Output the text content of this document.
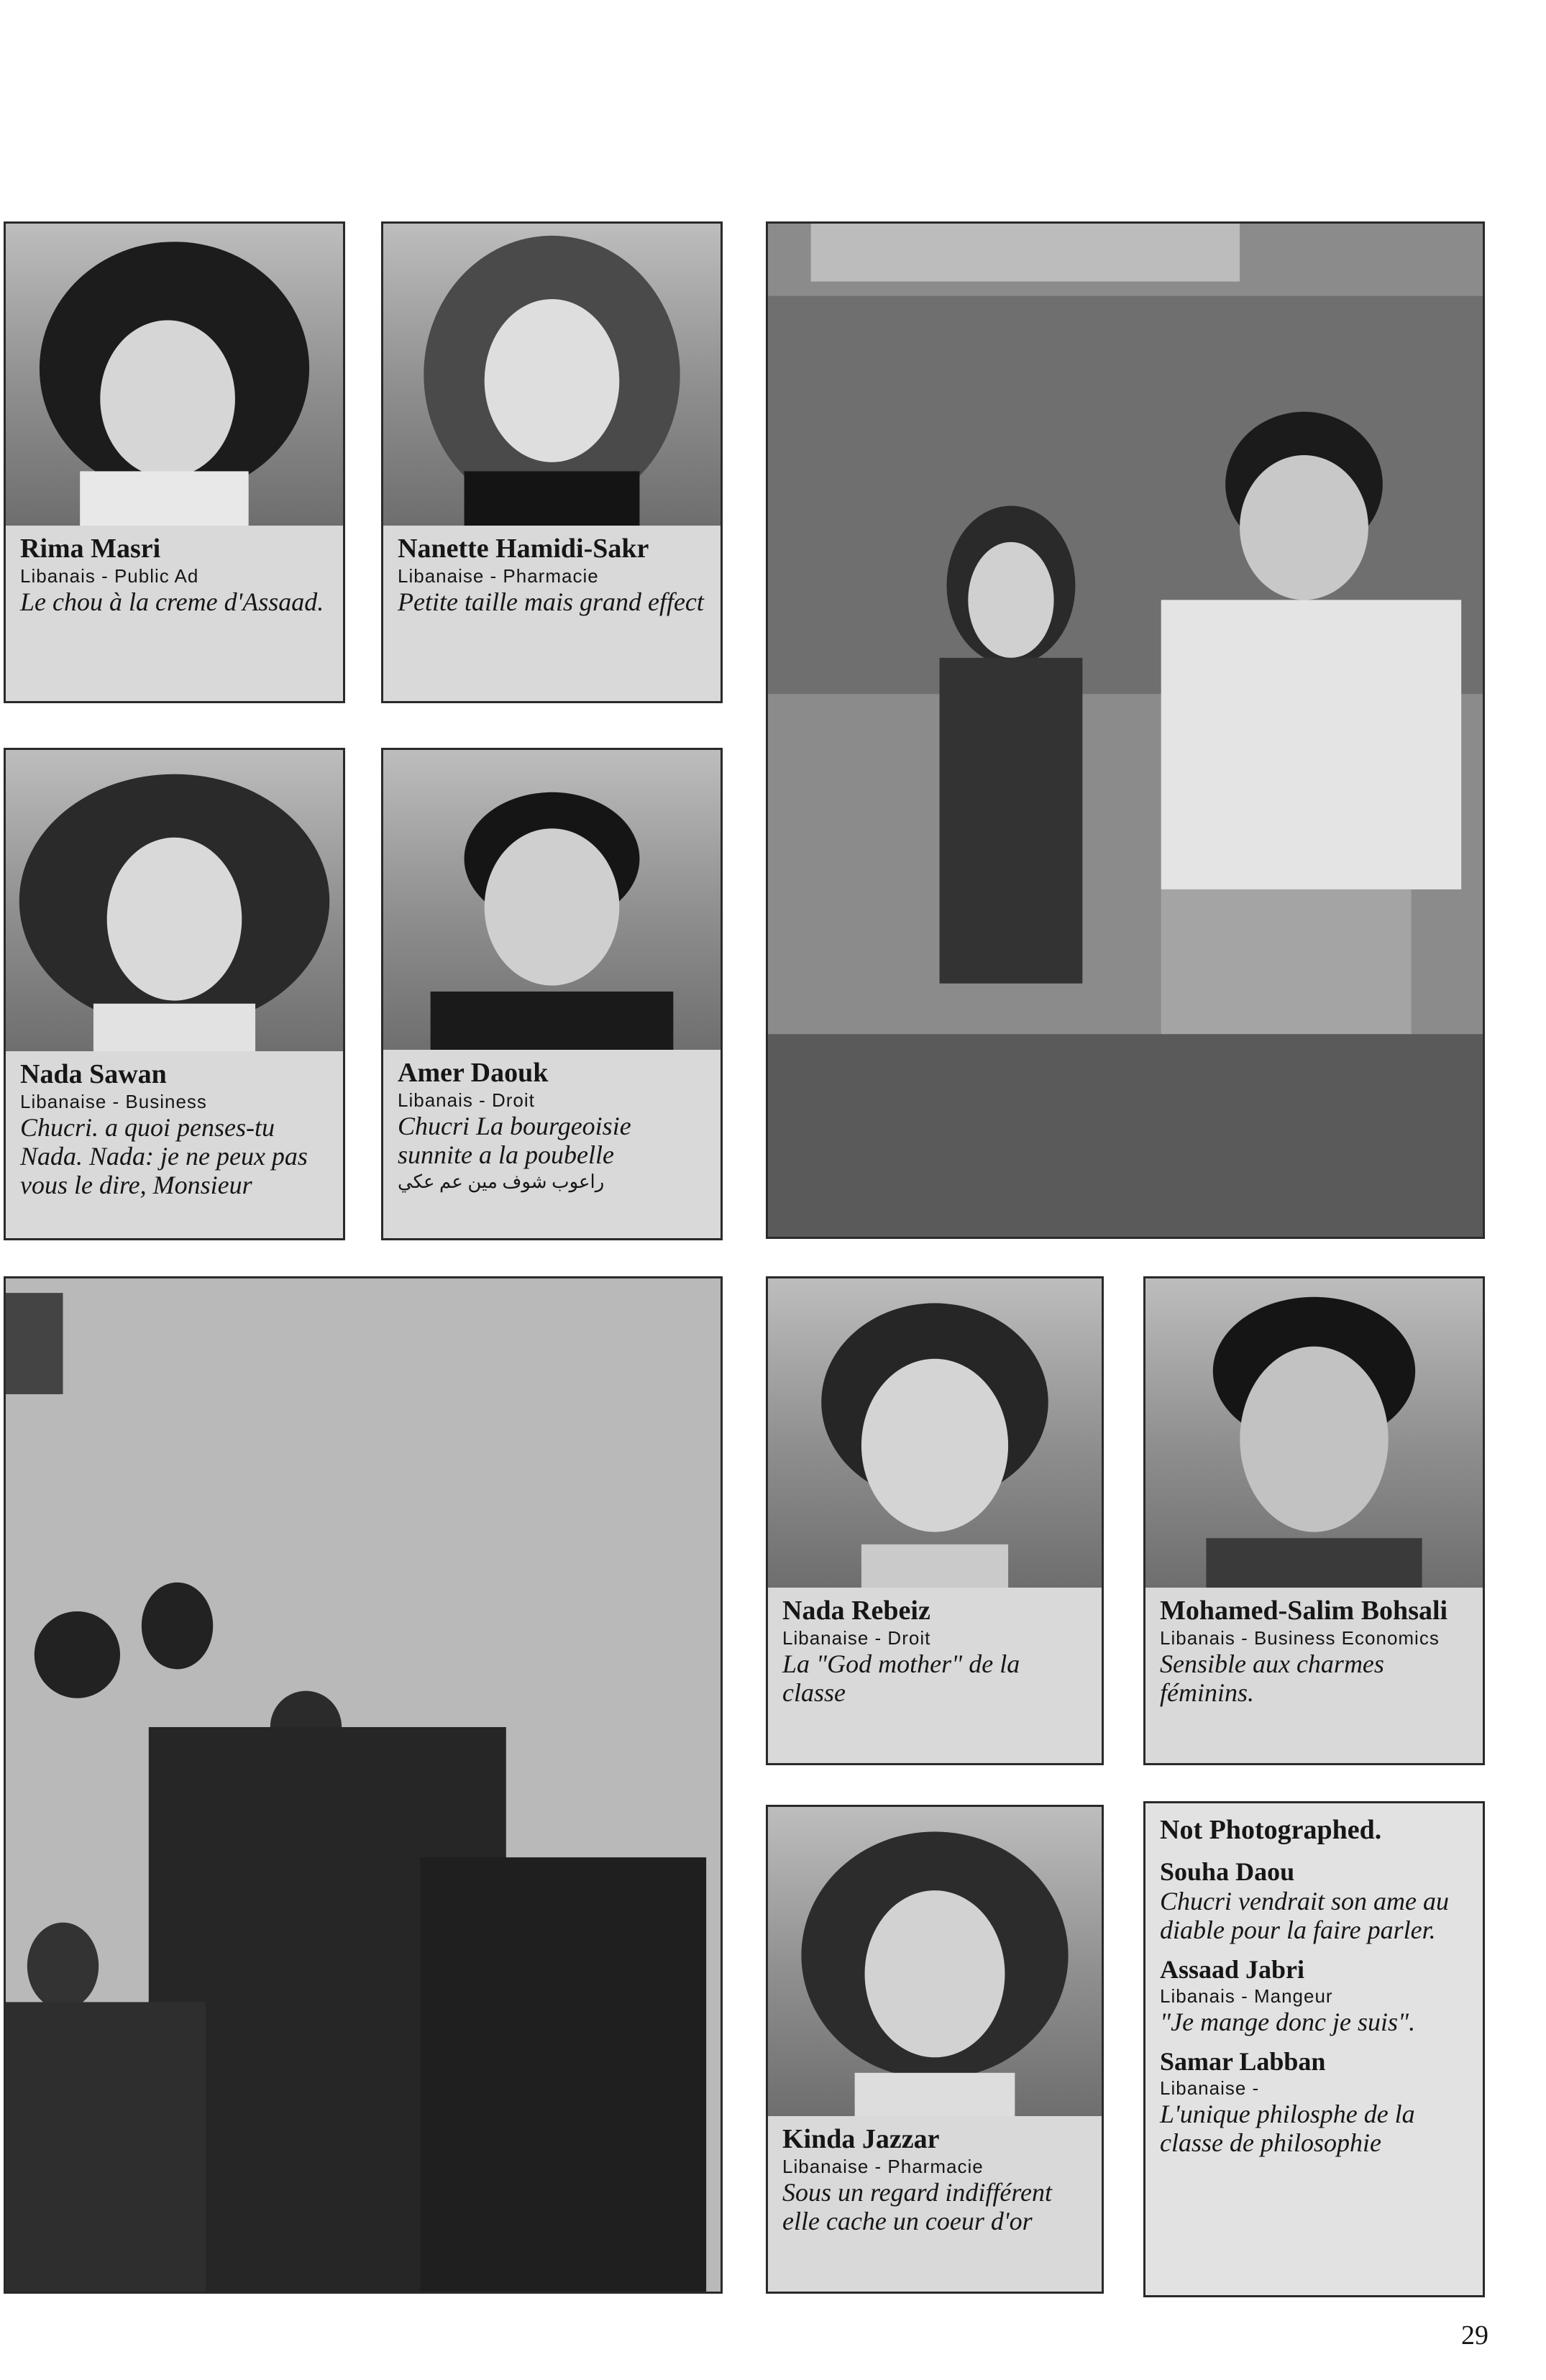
Rima Masri
Libanais - Public Ad
Le chou à la creme d'Assaad.
Nanette Hamidi-Sakr
Libanaise - Pharmacie
Petite taille mais grand effect
Nada Sawan
Libanaise - Business
Chucri. a quoi penses-tu Nada. Nada: je ne peux pas vous le dire, Monsieur
Amer Daouk
Libanais - Droit
Chucri La bourgeoisie sunnite a la poubelle
راعوب شوف مين عم عكي
Nada Rebeiz
Libanaise - Droit
La "God mother" de la classe
Mohamed-Salim Bohsali
Libanais - Business Economics
Sensible aux charmes féminins.
Kinda Jazzar
Libanaise - Pharmacie
Sous un regard indifférent elle cache un coeur d'or
Not Photographed.
Souha Daou
Chucri vendrait son ame au diable pour la faire parler.
Assaad Jabri
Libanais - Mangeur
"Je mange donc je suis".
Samar Labban
Libanaise -
L'unique philosphe de la classe de philosophie
29
